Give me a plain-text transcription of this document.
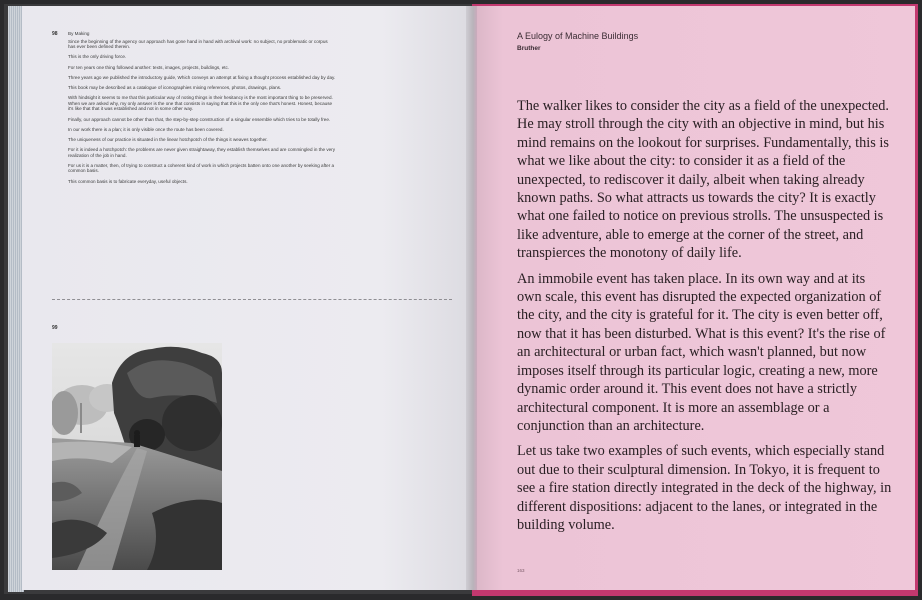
98 By Making

Since the beginning of the agency our approach has gone hand in hand with archival work: no subject, no problematic or corpus has ever been defined therein.

This is the only driving force.

For ten years one thing followed another: texts, images, projects, buildings, etc.

Three years ago we published the introductory guide, Which conveys an attempt at fixing a thought process established day by day.

This book may be described as a catalogue of iconographies mixing references, photos, drawings, plans.

With hindsight it seems to me that this particular way of noting things in their hesitancy is the most important thing to be preserved. When we are asked why, my only answer is the one that consists in saying that this is the only one that's honest. Honest, because it's like that that it was established and not in some other way.

Finally, our approach cannot be other than that, the step-by-step construction of a singular ensemble which tries to be totally free.

In our work there is a plan; it is only visible once the route has been covered.

The uniqueness of our practice is situated in the linear hotchpotch of the things it weaves together.

For it is indeed a hotchpotch: the problems are never given straightaway, they establish themselves and are commingled in the very realization of the job in hand.

For us it is a matter, then, of trying to construct a coherent kind of work in which projects batten onto one another by seeking after a common basis.

This common basis is to fabricate everyday, useful objects.

99
A Eulogy of Machine Buildings
Bruther

The walker likes to consider the city as a field of the unexpected. He may stroll through the city with an objective in mind, but his mind remains on the lookout for surprises. Fundamentally, this is what we like about the city: to consider it as a field of the unexpected, to rediscover it daily, albeit when taking already known paths. So what attracts us towards the city? It is exactly what one failed to notice on previous strolls. The unsuspected is like adventure, able to emerge at the corner of the street, and transpierces the monotony of daily life.

An immobile event has taken place. In its own way and at its own scale, this event has disrupted the expected organization of the city, and the city is grateful for it. The city is even better off, now that it has been disturbed. What is this event? It's the rise of an architectural or urban fact, which wasn't planned, but now imposes itself through its particular logic, creating a new, more dynamic order around it. This event does not have a strictly architectural component. It is more an assemblage or a conjunction than an architecture.

Let us take two examples of such events, which especially stand out due to their sculptural dimension. In Tokyo, it is frequent to see a fire station directly integrated in the deck of the highway, in different dispositions: adjacent to the lanes, or integrated in the building volume.

163
